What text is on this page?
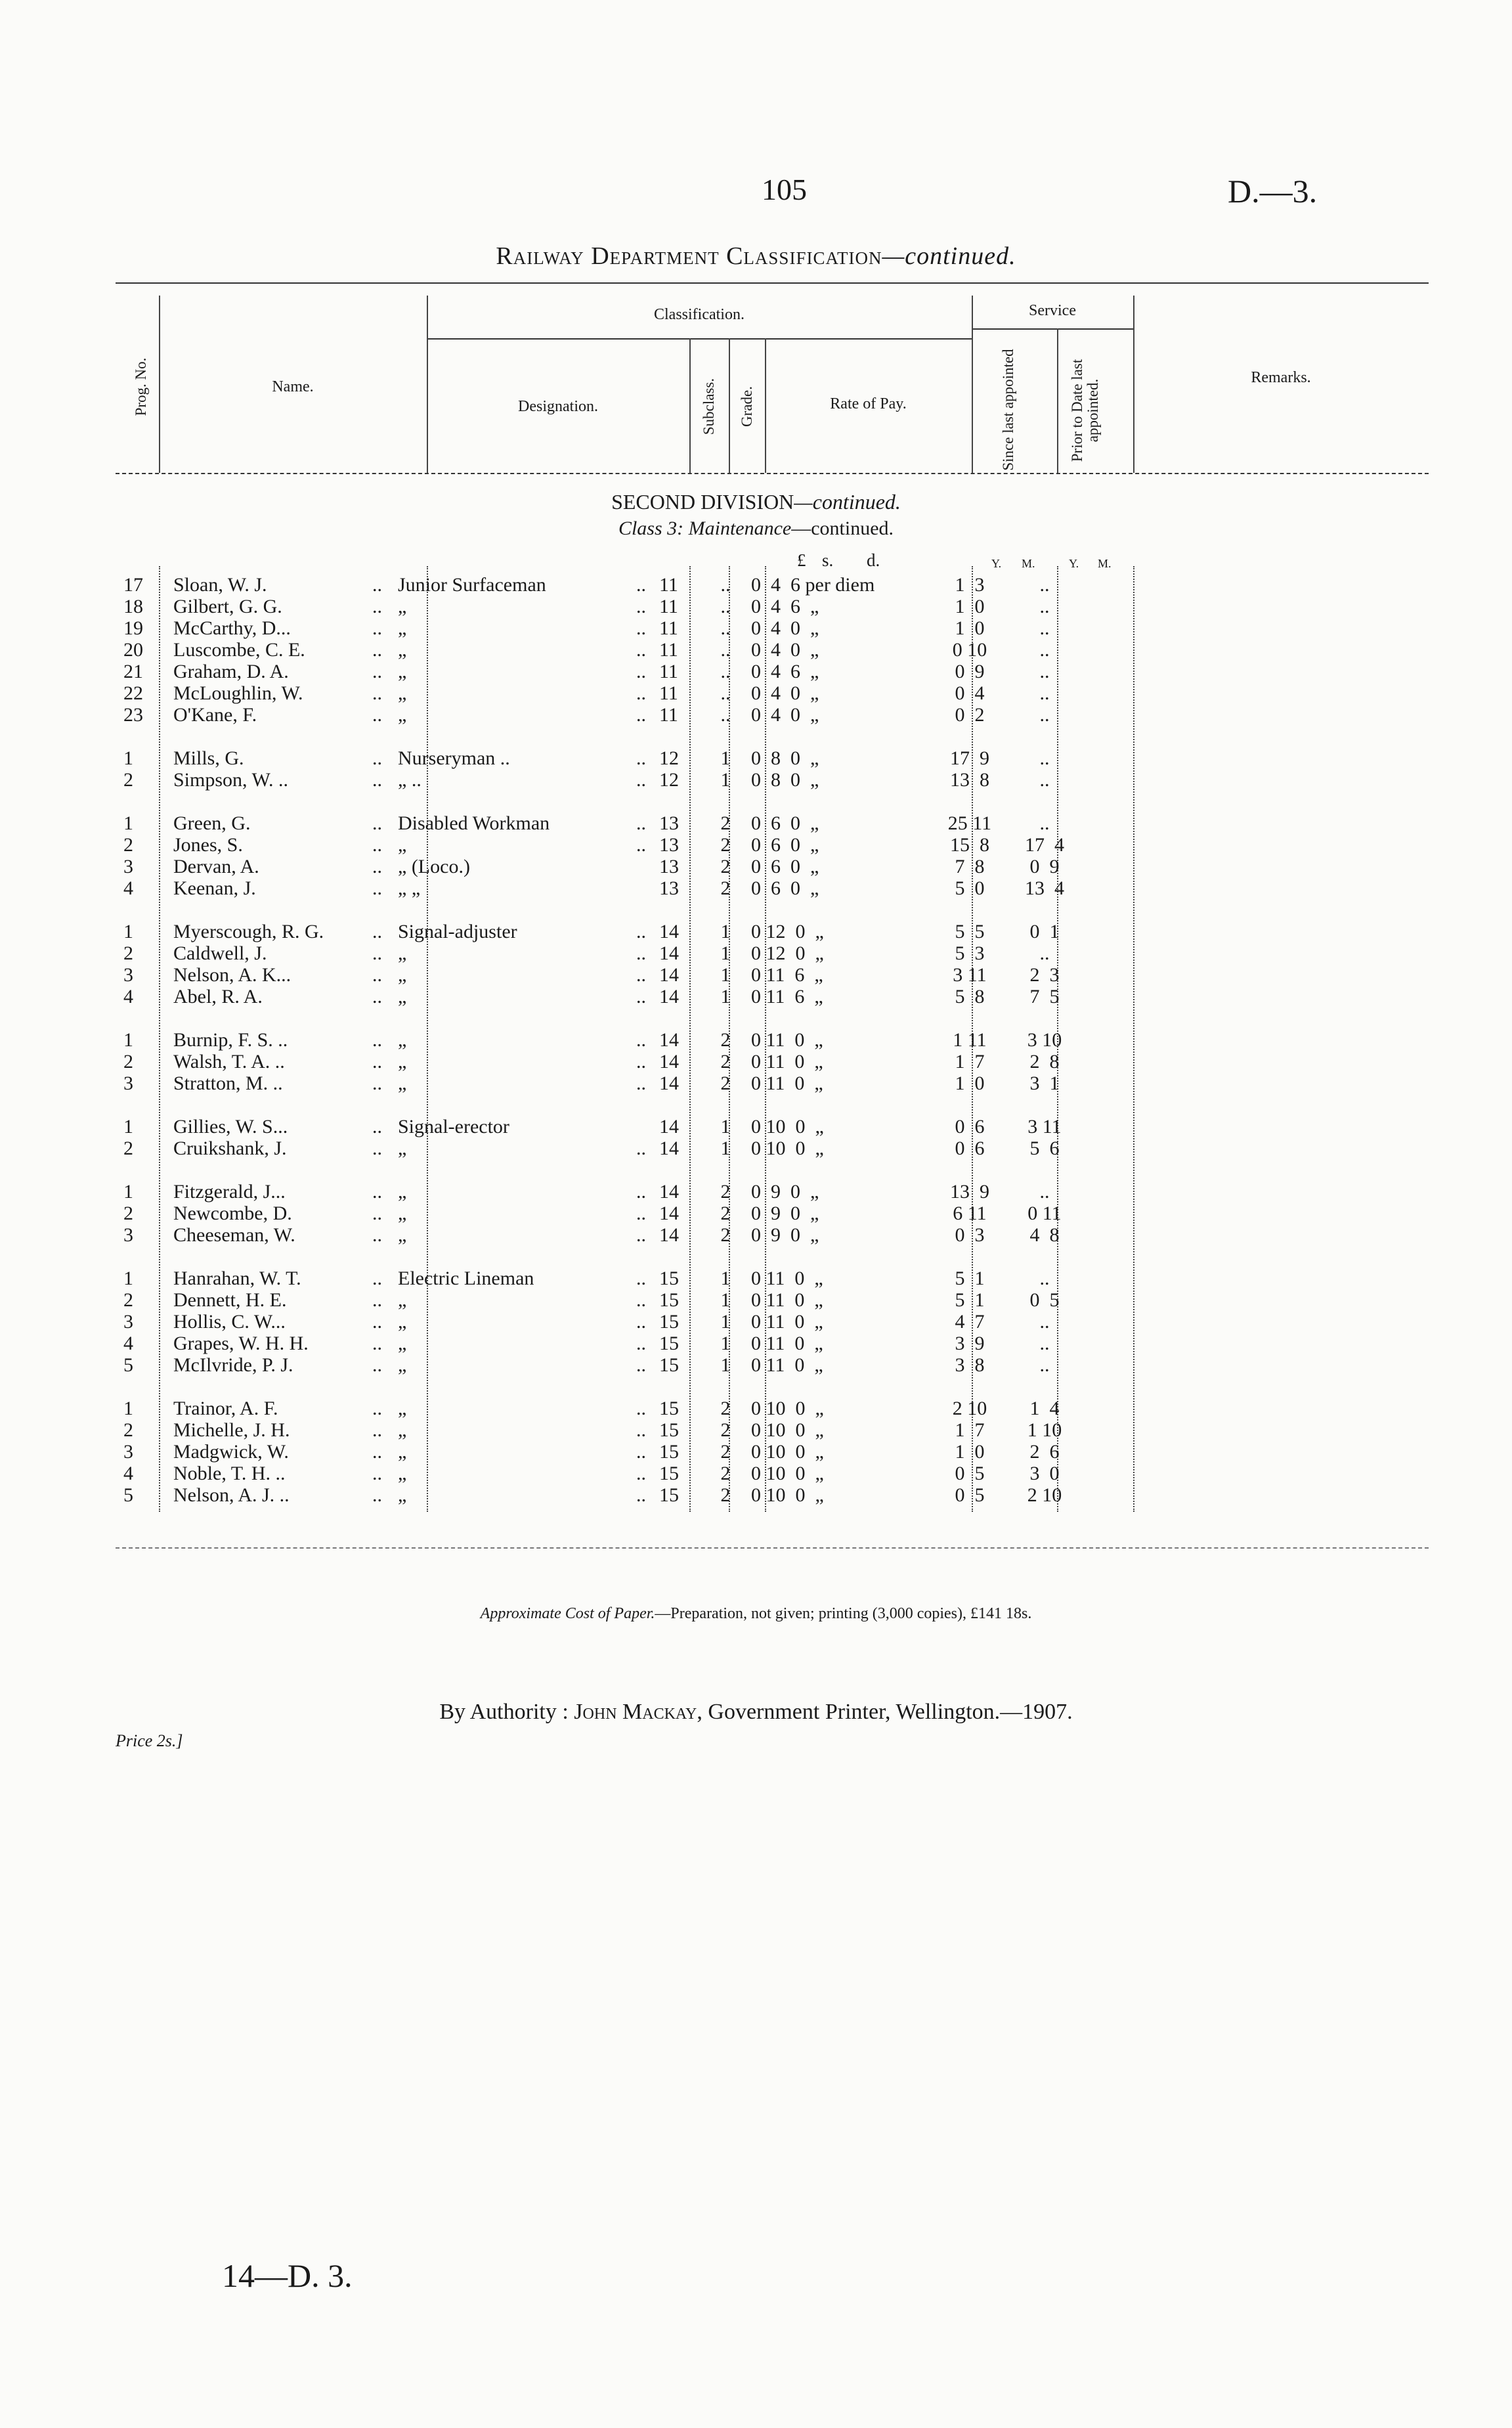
105	D.—3.
Railway Department Classification—continued.
Prog. No.	Name.
Classification.
Designation.	Subclass. Grade.	Rate of Pay.
Service
Since last appointed	Prior to Date last appointed.
Remarks.
SECOND DIVISION—continued.
Class 3: Maintenance—continued.
£ s. d.	Y. M.	Y. M.
17	Sloan, W. J. ..	Junior Surfaceman ..	11	..	0  4  6 per diem	1  3	..
18	Gilbert, G. G. ..	„ ..	11	..	0  4  6  „	1  0	..
19	McCarthy, D... ..	„ ..	11	..	0  4  0  „	1  0	..
20	Luscombe, C. E. ..	„ ..	11	..	0  4  0  „	0 10	..
21	Graham, D. A. ..	„ ..	11	..	0  4  6  „	0  9	..
22	McLoughlin, W. ..	„ ..	11	..	0  4  0  „	0  4	..
23	O'Kane, F. ..	„ ..	11	..	0  4  0  „	0  2	..

1	Mills, G. ..	Nurseryman .. ..	12	1	0  8  0  „	17  9	..
2	Simpson, W. .. ..	„ .. ..	12	1	0  8  0  „	13  8	..

1	Green, G. ..	Disabled Workman ..	13	2	0  6  0  „	25 11	..
2	Jones, S. ..	„ ..	13	2	0  6  0  „	15  8	17  4
3	Dervan, A. ..	„ (Loco.)	13	2	0  6  0  „	7  8	0  9
4	Keenan, J. ..	„ „	13	2	0  6  0  „	5  0	13  4

1	Myerscough, R. G. ..	Signal-adjuster ..	14	1	0 12  0  „	5  5	0  1
2	Caldwell, J. ..	„ ..	14	1	0 12  0  „	5  3	..
3	Nelson, A. K... ..	„ ..	14	1	0 11  6  „	3 11	2  3
4	Abel, R. A. ..	„ ..	14	1	0 11  6  „	5  8	7  5

1	Burnip, F. S. .. ..	„ ..	14	2	0 11  0  „	1 11	3 10
2	Walsh, T. A. .. ..	„ ..	14	2	0 11  0  „	1  7	2  8
3	Stratton, M. .. ..	„ ..	14	2	0 11  0  „	1  0	3  1

1	Gillies, W. S... ..	Signal-erector	14	1	0 10  0  „	0  6	3 11
2	Cruikshank, J. ..	„ ..	14	1	0 10  0  „	0  6	5  6

1	Fitzgerald, J... ..	„ ..	14	2	0  9  0  „	13  9	..
2	Newcombe, D. ..	„ ..	14	2	0  9  0  „	6 11	0 11
3	Cheeseman, W. ..	„ ..	14	2	0  9  0  „	0  3	4  8

1	Hanrahan, W. T. ..	Electric Lineman ..	15	1	0 11  0  „	5  1	..
2	Dennett, H. E. ..	„ ..	15	1	0 11  0  „	5  1	0  5
3	Hollis, C. W... ..	„ ..	15	1	0 11  0  „	4  7	..
4	Grapes, W. H. H. ..	„ ..	15	1	0 11  0  „	3  9	..
5	McIlvride, P. J. ..	„ ..	15	1	0 11  0  „	3  8	..

1	Trainor, A. F. ..	„ ..	15	2	0 10  0  „	2 10	1  4
2	Michelle, J. H. ..	„ ..	15	2	0 10  0  „	1  7	1 10
3	Madgwick, W. ..	„ ..	15	2	0 10  0  „	1  0	2  6
4	Noble, T. H. .. ..	„ ..	15	2	0 10  0  „	0  5	3  0
5	Nelson, A. J. .. ..	„ ..	15	2	0 10  0  „	0  5	2 10
Approximate Cost of Paper.—Preparation, not given; printing (3,000 copies), £141 18s.
By Authority : John Mackay, Government Printer, Wellington.—1907.
Price 2s.]
14—D. 3.
